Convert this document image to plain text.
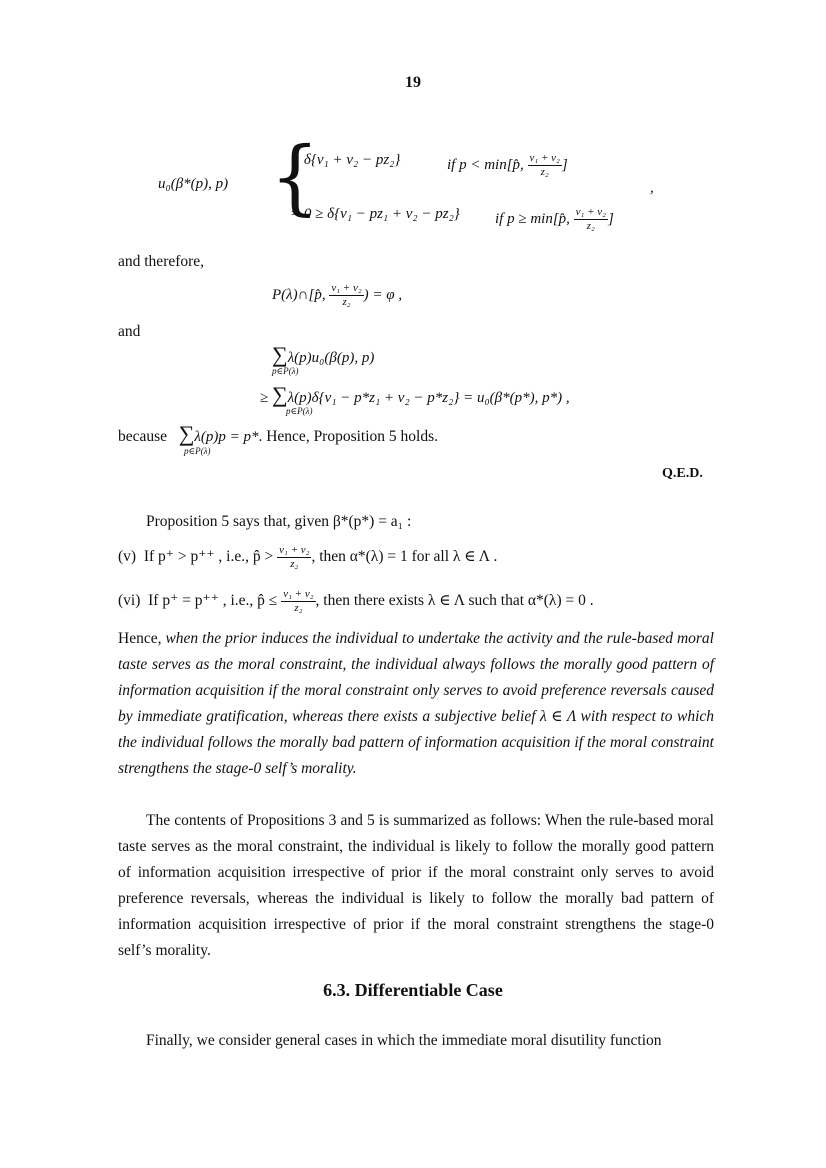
19
u₀(β*(p), p) {
= δ{v₁ + v₂ − pz₂}	if p < min[p̂, $\frac{\text{v₁ + v₂}}{\text{z₂}}$ ]
= 0 ≥ δ{v₁ − pz₁ + v₂ − pz₂} if p ≥ min[p̂, $\frac{\text{v₁ + v₂}}{\text{z₂}}$ ]
,
and therefore,
P(λ)∩[p̂, $\frac{\text{v₁ + v₂}}{\text{z₂}}$ ) = φ ,
and
∑λ(p)u₀(β(p), p)
p∈P(λ)
≥ ∑λ(p)δ{v₁ − p*z₁ + v₂ − p*z₂} = u₀(β*(p*), p*) ,
p∈P(λ)
because ∑λ(p)p = p*. Hence, Proposition 5 holds.
p∈P(λ)
Q.E.D.
Proposition 5 says that, given β*(p*) = a₁ :
(v) If p⁺ > p⁺⁺ , i.e., p̂ > $\frac{\text{v₁ + v₂}}{\text{z₂}}$ , then α*(λ) = 1 for all λ ∈ Λ .
(vi) If p⁺ = p⁺⁺ , i.e., p̂ ≤ $\frac{\text{v₁ + v₂}}{\text{z₂}}$ , then there exists λ ∈ Λ such that α*(λ) = 0 .
Hence, when the prior induces the individual to undertake the activity and the rule-based moral taste serves as the moral constraint, the individual always follows the morally good pattern of information acquisition if the moral constraint only serves to avoid preference reversals caused by immediate gratification, whereas there exists a subjective belief λ ∈ Λ with respect to which the individual follows the morally bad pattern of information acquisition if the moral constraint strengthens the stage-0 self’s morality.
The contents of Propositions 3 and 5 is summarized as follows: When the rule-based moral taste serves as the moral constraint, the individual is likely to follow the morally good pattern of information acquisition irrespective of prior if the moral constraint only serves to avoid preference reversals, whereas the individual is likely to follow the morally bad pattern of information acquisition irrespective of prior if the moral constraint strengthens the stage-0 self’s morality.
6.3. Differentiable Case
Finally, we consider general cases in which the immediate moral disutility function
